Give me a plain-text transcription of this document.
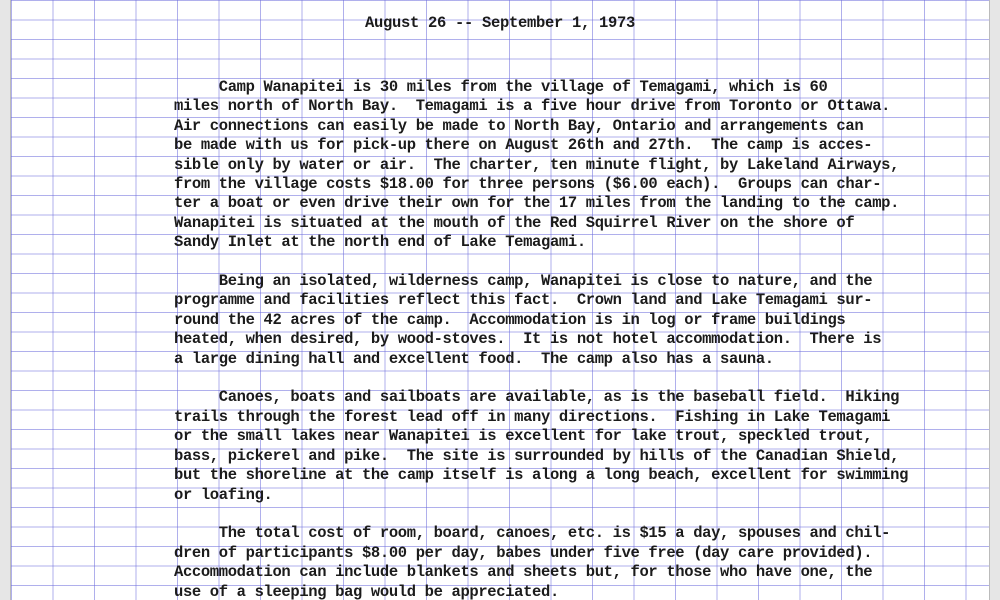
August 26 -- September 1, 1973

Camp Wanapitei is 30 miles from the village of Temagami, which is 60
miles north of North Bay.  Temagami is a five hour drive from Toronto or Ottawa.
Air connections can easily be made to North Bay, Ontario and arrangements can
be made with us for pick-up there on August 26th and 27th.  The camp is acces-
sible only by water or air.  The charter, ten minute flight, by Lakeland Airways,
from the village costs $18.00 for three persons ($6.00 each).  Groups can char-
ter a boat or even drive their own for the 17 miles from the landing to the camp.
Wanapitei is situated at the mouth of the Red Squirrel River on the shore of
Sandy Inlet at the north end of Lake Temagami.

Being an isolated, wilderness camp, Wanapitei is close to nature, and the
programme and facilities reflect this fact.  Crown land and Lake Temagami sur-
round the 42 acres of the camp.  Accommodation is in log or frame buildings
heated, when desired, by wood-stoves.  It is not hotel accommodation.  There is
a large dining hall and excellent food.  The camp also has a sauna.

Canoes, boats and sailboats are available, as is the baseball field.  Hiking
trails through the forest lead off in many directions.  Fishing in Lake Temagami
or the small lakes near Wanapitei is excellent for lake trout, speckled trout,
bass, pickerel and pike.  The site is surrounded by hills of the Canadian Shield,
but the shoreline at the camp itself is along a long beach, excellent for swimming
or loafing.

The total cost of room, board, canoes, etc. is $15 a day, spouses and chil-
dren of participants $8.00 per day, babes under five free (day care provided).
Accommodation can include blankets and sheets but, for those who have one, the
use of a sleeping bag would be appreciated.
